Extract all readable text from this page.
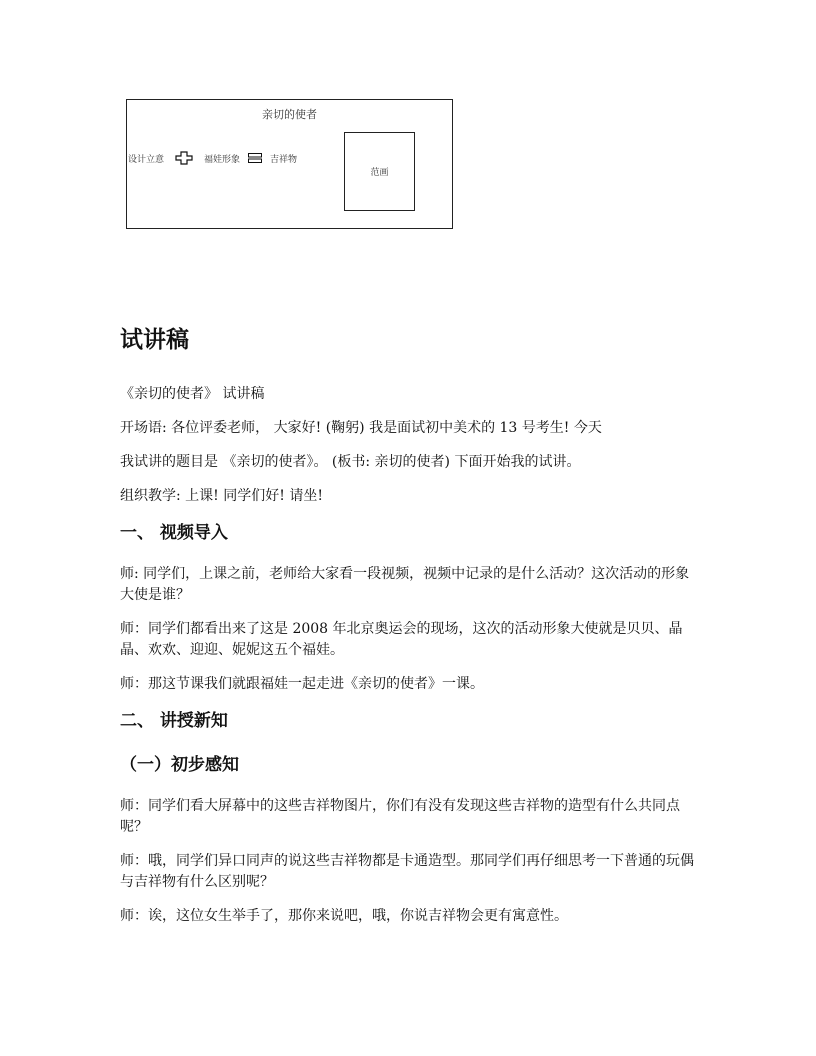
亲切的使者
设计立意	福娃形象	吉祥物
范画
试讲稿

《亲切的使者》 试讲稿

开场语: 各位评委老师， 大家好! (鞠躬) 我是面试初中美术的 13 号考生! 今天

我试讲的题目是 《亲切的使者》。 (板书: 亲切的使者) 下面开始我的试讲。

组织教学: 上课! 同学们好! 请坐!

一、 视频导入

师: 同学们，上课之前，老师给大家看一段视频，视频中记录的是什么活动？这次活动的形象大使是谁？

师：同学们都看出来了这是 2008 年北京奥运会的现场，这次的活动形象大使就是贝贝、晶晶、欢欢、迎迎、妮妮这五个福娃。

师：那这节课我们就跟福娃一起走进《亲切的使者》一课。

二、 讲授新知
（一）初步感知

师：同学们看大屏幕中的这些吉祥物图片，你们有没有发现这些吉祥物的造型有什么共同点呢？

师：哦，同学们异口同声的说这些吉祥物都是卡通造型。那同学们再仔细思考一下普通的玩偶与吉祥物有什么区别呢？

师：诶，这位女生举手了，那你来说吧，哦，你说吉祥物会更有寓意性。
